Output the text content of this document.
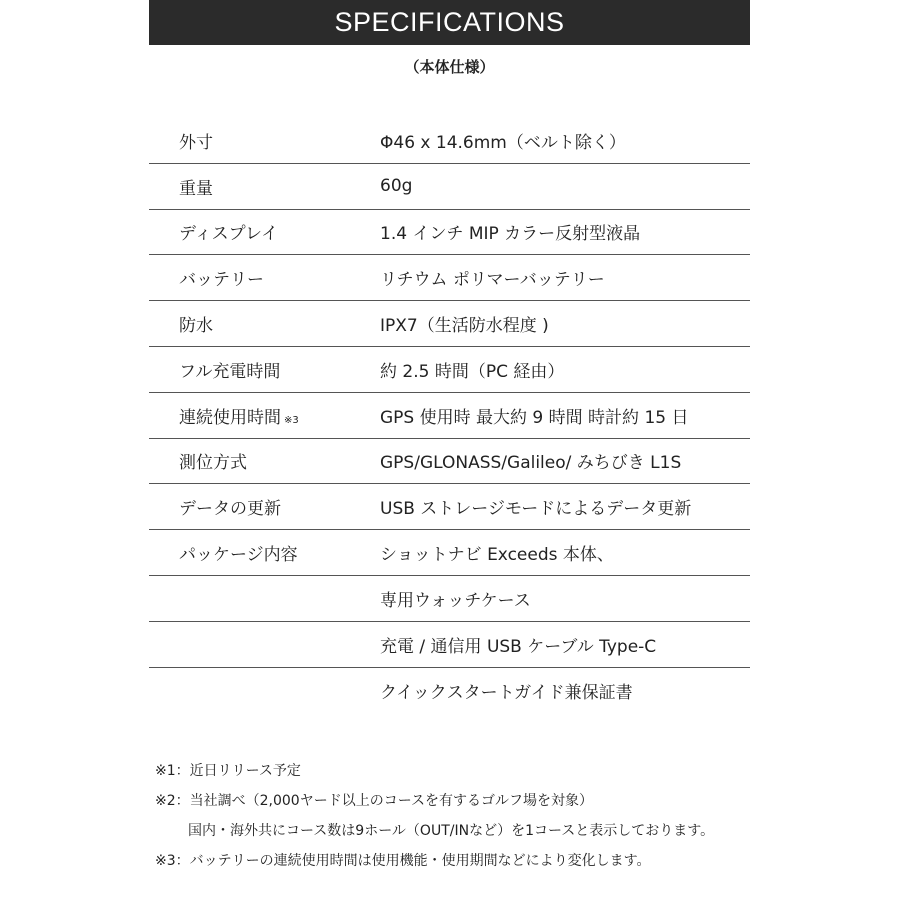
SPECIFICATIONS
（本体仕様）
外寸	Φ46 x 14.6mm（ベルト除く）
重量	60g
ディスプレイ	1.4 インチ MIP カラー反射型液晶
バッテリー	リチウム ポリマーバッテリー
防水	IPX7（生活防水程度 )
フル充電時間	約 2.5 時間（PC 経由）
連続使用時間 ※3	GPS 使用時 最大約 9 時間 時計約 15 日
測位方式	GPS/GLONASS/Galileo/ みちびき L1S
データの更新	USB ストレージモードによるデータ更新
パッケージ内容	ショットナビ Exceeds 本体、
専用ウォッチケース
充電 / 通信用 USB ケーブル Type-C
クイックスタートガイド兼保証書
※1：近日リリース予定
※2：当社調べ（2,000ヤード以上のコースを有するゴルフ場を対象）
国内・海外共にコース数は9ホール（OUT/INなど）を1コースと表示しております。
※3：バッテリーの連続使用時間は使用機能・使用期間などにより変化します。
